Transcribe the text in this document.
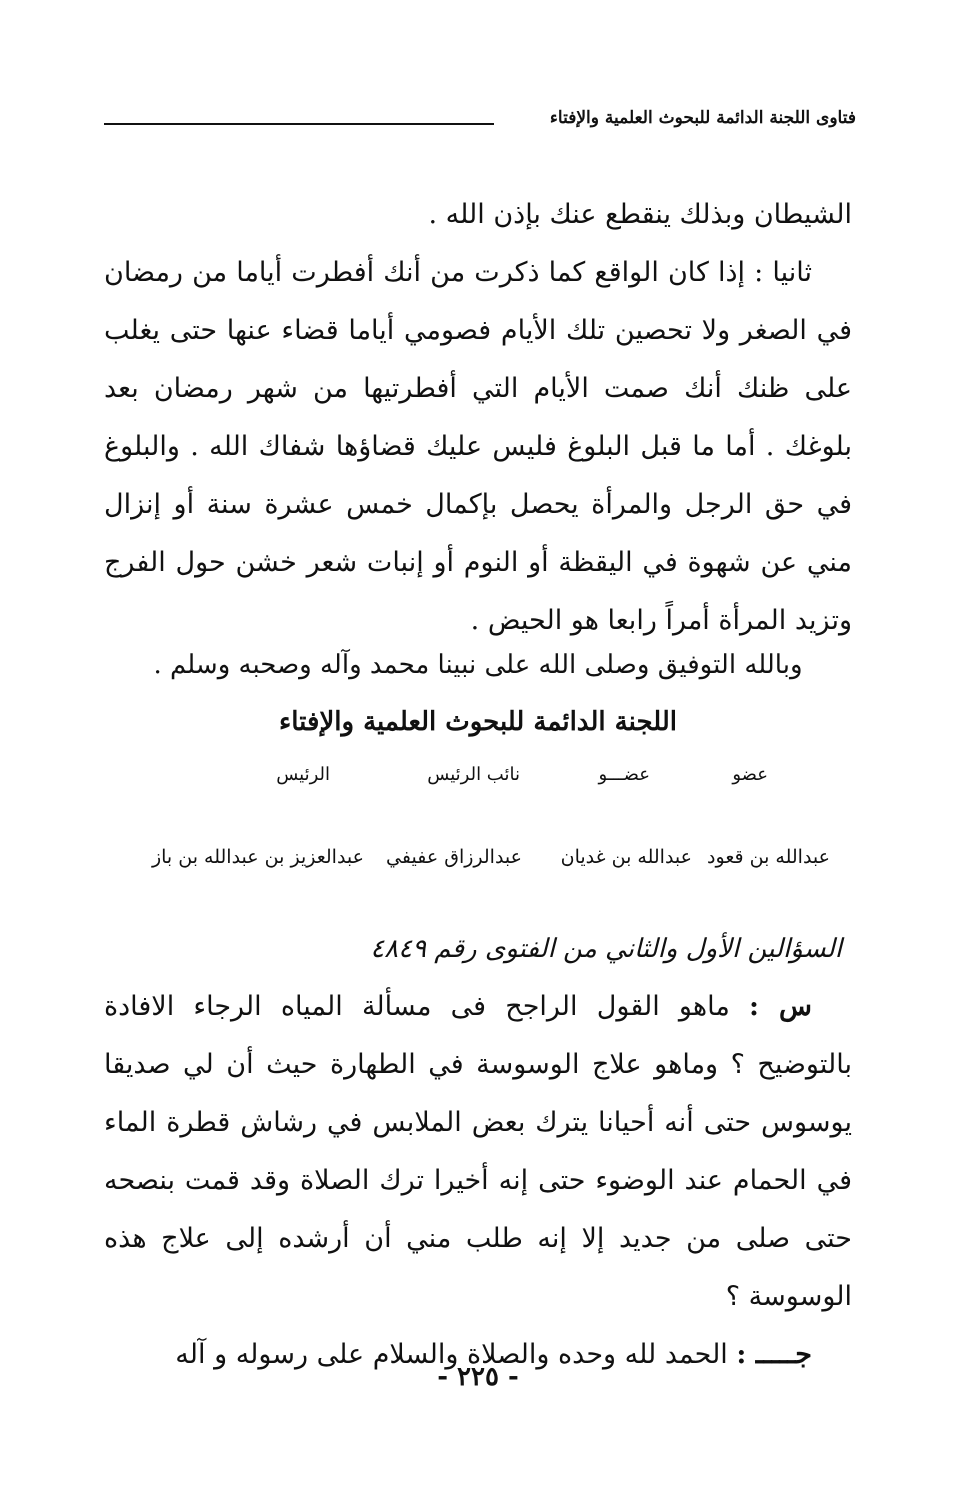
فتاوى اللجنة الدائمة للبحوث العلمية والإفتاء

الشيطان وبذلك ينقطع عنك بإذن الله .

ثانيا : إذا كان الواقع كما ذكرت من أنك أفطرت أياما من رمضان في الصغر ولا تحصين تلك الأيام فصومي أياما قضاء عنها حتى يغلب على ظنك أنك صمت الأيام التي أفطرتيها من شهر رمضان بعد بلوغك . أما ما قبل البلوغ فليس عليك قضاؤها شفاك الله . والبلوغ في حق الرجل والمرأة يحصل بإكمال خمس عشرة سنة أو إنزال مني عن شهوة في اليقظة أو النوم أو إنبات شعر خشن حول الفرج وتزيد المرأة أمراً رابعا هو الحيض .

وبالله التوفيق وصلى الله على نبينا محمد وآله وصحبه وسلم .
اللجنة الدائمة للبحوث العلمية والإفتاء
عضو
عضـــو
نائب الرئيس
الرئيس
عبدالله بن قعود
عبدالله بن غديان
عبدالرزاق عفيفي
عبدالعزيز بن عبدالله بن باز

السؤالين الأول والثاني من الفتوى رقم ٤٨٤٩

س : ماهو القول الراجح فى مسألة المياه الرجاء الافادة بالتوضيح ؟ وماهو علاج الوسوسة في الطهارة حيث أن لي صديقا يوسوس حتى أنه أحيانا يترك بعض الملابس في رشاش قطرة الماء في الحمام عند الوضوء حتى إنه أخيرا ترك الصلاة وقد قمت بنصحه حتى صلى من جديد إلا إنه طلب مني أن أرشده إلى علاج هذه الوسوسة ؟

جـــــ : الحمد لله وحده والصلاة والسلام على رسوله و آله

- ٢٢٥ -
